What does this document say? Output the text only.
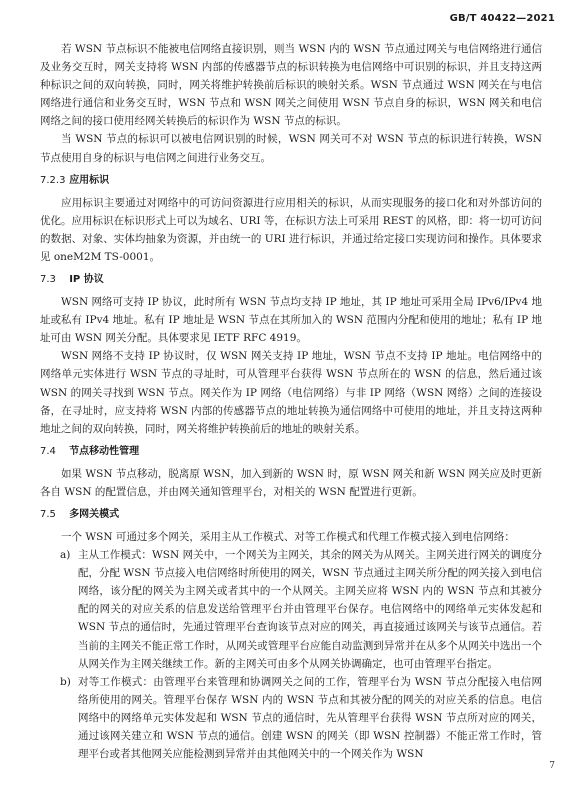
GB/T 40422—2021

若 WSN 节点标识不能被电信网络直接识别，则当 WSN 内的 WSN 节点通过网关与电信网络进行通信及业务交互时，网关支持将 WSN 内部的传感器节点的标识转换为电信网络中可识别的标识，并且支持这两种标识之间的双向转换，同时，网关将维护转换前后标识的映射关系。WSN 节点通过 WSN 网关在与电信网络进行通信和业务交互时，WSN 节点和 WSN 网关之间使用 WSN 节点自身的标识，WSN 网关和电信网络之间的接口使用经网关转换后的标识作为 WSN 节点的标识。

当 WSN 节点的标识可以被电信网识别的时候，WSN 网关可不对 WSN 节点的标识进行转换，WSN 节点使用自身的标识与电信网之间进行业务交互。

7.2.3 应用标识

应用标识主要通过对网络中的可访问资源进行应用相关的标识，从而实现服务的接口化和对外部访问的优化。应用标识在标识形式上可以为域名、URI 等，在标识方法上可采用 REST 的风格，即：将一切可访问的数据、对象、实体均抽象为资源，并由统一的 URI 进行标识，并通过给定接口实现访问和操作。具体要求见 oneM2M TS-0001。

7.3 IP 协议

WSN 网络可支持 IP 协议，此时所有 WSN 节点均支持 IP 地址，其 IP 地址可采用全局 IPv6/IPv4 地址或私有 IPv4 地址。私有 IP 地址是 WSN 节点在其所加入的 WSN 范围内分配和使用的地址；私有 IP 地址可由 WSN 网关分配。具体要求见 IETF RFC 4919。

WSN 网络不支持 IP 协议时，仅 WSN 网关支持 IP 地址，WSN 节点不支持 IP 地址。电信网络中的网络单元实体进行 WSN 节点的寻址时，可从管理平台获得 WSN 节点所在的 WSN 的信息，然后通过该 WSN 的网关寻找到 WSN 节点。网关作为 IP 网络（电信网络）与非 IP 网络（WSN 网络）之间的连接设备，在寻址时，应支持将 WSN 内部的传感器节点的地址转换为通信网络中可使用的地址，并且支持这两种地址之间的双向转换，同时，网关将维护转换前后的地址的映射关系。

7.4 节点移动性管理

如果 WSN 节点移动，脱离原 WSN，加入到新的 WSN 时，原 WSN 网关和新 WSN 网关应及时更新各自 WSN 的配置信息，并由网关通知管理平台，对相关的 WSN 配置进行更新。

7.5 多网关模式

一个 WSN 可通过多个网关，采用主从工作模式、对等工作模式和代理工作模式接入到电信网络：

a) 主从工作模式：WSN 网关中，一个网关为主网关，其余的网关为从网关。主网关进行网关的调度分配，分配 WSN 节点接入电信网络时所使用的网关，WSN 节点通过主网关所分配的网关接入到电信网络，该分配的网关为主网关或者其中的一个从网关。主网关应将 WSN 内的 WSN 节点和其被分配的网关的对应关系的信息发送给管理平台并由管理平台保存。电信网络中的网络单元实体发起和 WSN 节点的通信时，先通过管理平台查询该节点对应的网关，再直接通过该网关与该节点通信。若当前的主网关不能正常工作时，从网关或管理平台应能自动监测到异常并在从多个从网关中选出一个从网关作为主网关继续工作。新的主网关可由多个从网关协调确定，也可由管理平台指定。
b) 对等工作模式：由管理平台来管理和协调网关之间的工作，管理平台为 WSN 节点分配接入电信网络所使用的网关。管理平台保存 WSN 内的 WSN 节点和其被分配的网关的对应关系的信息。电信网络中的网络单元实体发起和 WSN 节点的通信时，先从管理平台获得 WSN 节点所对应的网关，通过该网关建立和 WSN 节点的通信。创建 WSN 的网关（即 WSN 控制器）不能正常工作时，管理平台或者其他网关应能检测到异常并由其他网关中的一个网关作为 WSN
7
